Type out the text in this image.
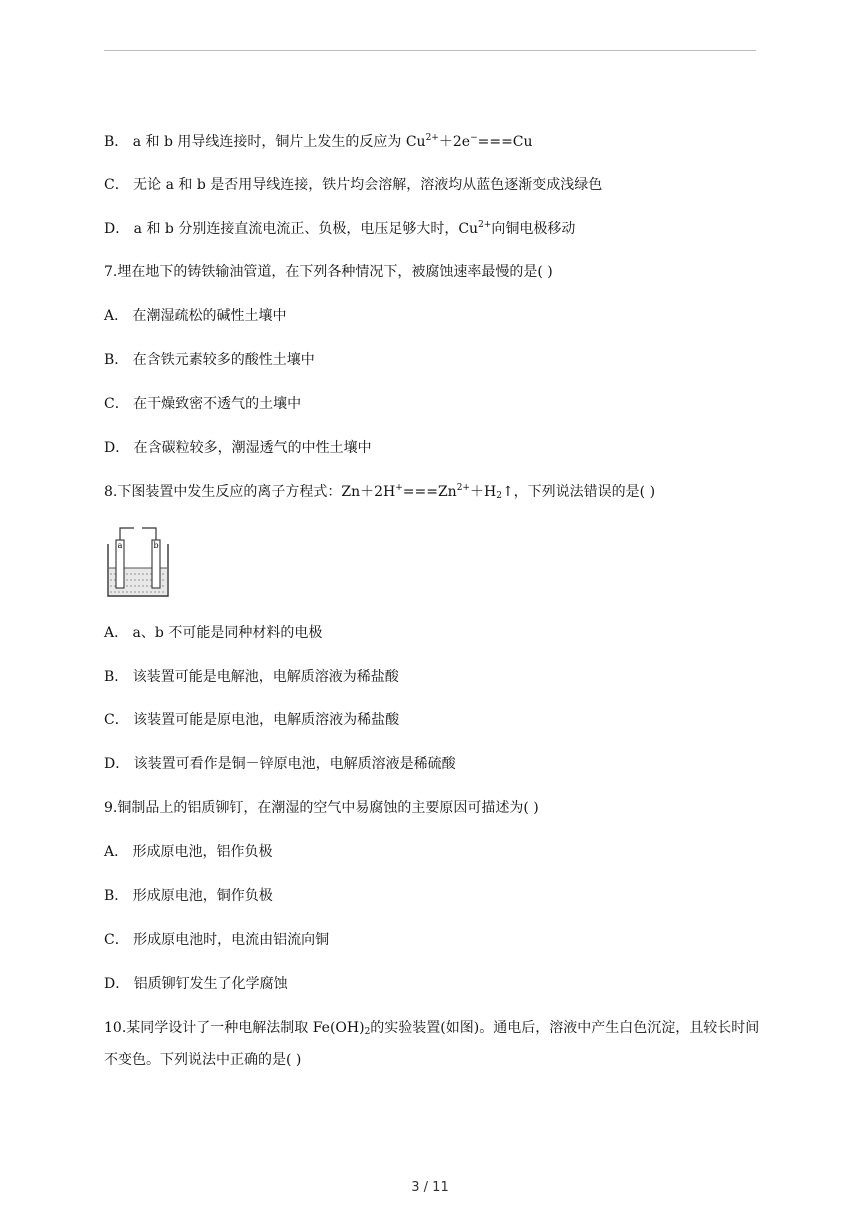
B． a 和 b 用导线连接时，铜片上发生的反应为 $Cu^{2+}+2e^-===Cu$
C． 无论 a 和 b 是否用导线连接，铁片均会溶解，溶液均从蓝色逐渐变成浅绿色
D． a 和 b 分别连接直流电流正、负极，电压足够大时，$Cu^{2+}$向铜电极移动
7.埋在地下的铸铁输油管道，在下列各种情况下，被腐蚀速率最慢的是( )
A． 在潮湿疏松的碱性土壤中
B． 在含铁元素较多的酸性土壤中
C． 在干燥致密不透气的土壤中
D． 在含碳粒较多，潮湿透气的中性土壤中
8.下图装置中发生反应的离子方程式：$Zn+2H^+===Zn^{2+}+H_2↑$，下列说法错误的是( )
a	b
A． a、b 不可能是同种材料的电极
B． 该装置可能是电解池，电解质溶液为稀盐酸
C． 该装置可能是原电池，电解质溶液为稀盐酸
D． 该装置可看作是铜－锌原电池，电解质溶液是稀硫酸
9.铜制品上的铝质铆钉，在潮湿的空气中易腐蚀的主要原因可描述为( )
A． 形成原电池，铝作负极
B． 形成原电池，铜作负极
C． 形成原电池时，电流由铝流向铜
D． 铝质铆钉发生了化学腐蚀
10.某同学设计了一种电解法制取 $Fe(OH)_2$的实验装置(如图)。通电后，溶液中产生白色沉淀，且较长时间不变色。下列说法中正确的是( )
3 / 11
